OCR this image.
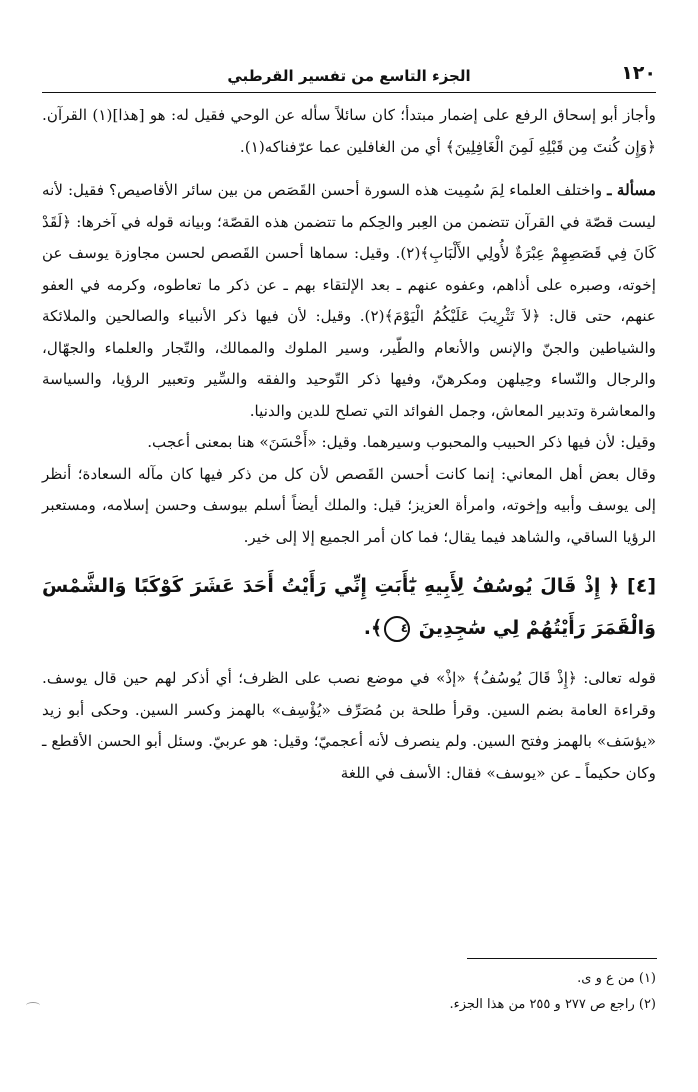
١٢٠
الجزء التاسع من تفسير القرطبي

وأجاز أبو إسحاق الرفع على إضمار مبتدأ؛ كان سائلاً سأله عن الوحي فقيل له: هو [هذا](١) القرآن. ﴿وَإِن كُنتَ مِن قَبْلِهِ لَمِنَ الْغَافِلِينَ﴾ أي من الغافلين عما عرّفناكه(١).

مسألة ـ واختلف العلماء لِمَ سُمِيت هذه السورة أحسن القَصَص من بين سائر الأقاصيص؟ فقيل: لأنه ليست قصّة في القرآن تتضمن من العِبر والحِكم ما تتضمن هذه القصّة؛ وبيانه قوله في آخرها: ﴿لَقَدْ كَانَ فِي قَصَصِهِمْ عِبْرَةٌ لأُولِي الأَلْبَابِ﴾(٢). وقيل: سماها أحسن القَصص لحسن مجاوزة يوسف عن إخوته، وصبره على أذاهم، وعفوه عنهم ـ بعد الإلتقاء بهم ـ عن ذكر ما تعاطوه، وكرمه في العفو عنهم، حتى قال: ﴿لاَ تَثْرِيبَ عَلَيْكُمُ الْيَوْمَ﴾(٢). وقيل: لأن فيها ذكر الأنبياء والصالحين والملائكة والشياطين والجنّ والإنس والأنعام والطّير، وسير الملوك والممالك، والتّجار والعلماء والجهّال، والرجال والنّساء وحِيلهن ومكرهنّ، وفيها ذكر التّوحيد والفقه والسِّير وتعبير الرؤيا، والسياسة والمعاشرة وتدبير المعاش، وجمل الفوائد التي تصلح للدين والدنيا.

وقيل: لأن فيها ذكر الحبيب والمحبوب وسيرهما. وقيل: «أَحْسَنَ» هنا بمعنى أعجب.

وقال بعض أهل المعاني: إنما كانت أحسن القَصص لأن كل من ذكر فيها كان مآله السعادة؛ أنظر إلى يوسف وأبيه وإخوته، وامرأة العزيز؛ قيل: والملك أيضاً أسلم بيوسف وحسن إسلامه، ومستعبر الرؤيا الساقي، والشاهد فيما يقال؛ فما كان أمر الجميع إلا إلى خير.

[٤] ﴿ إِذْ قَالَ يُوسُفُ لِأَبِيهِ يَٰٓأَبَتِ إِنِّي رَأَيْتُ أَحَدَ عَشَرَ كَوْكَبًا وَالشَّمْسَ وَالْقَمَرَ رَأَيْتُهُمْ لِي سَٰجِدِينَ ٤﴾.

قوله تعالى: ﴿إِذْ قَالَ يُوسُفُ﴾ «إذْ» في موضع نصب على الظرف؛ أي أذكر لهم حين قال يوسف. وقراءة العامة بضم السين. وقرأ طلحة بن مُصَرِّف «يُؤْسِف» بالهمز وكسر السين. وحكى أبو زيد «يؤسَف» بالهمز وفتح السين. ولم ينصرف لأنه أعجميّ؛ وقيل: هو عربيّ. وسئل أبو الحسن الأقطع ـ وكان حكيماً ـ عن «يوسف» فقال: الأسف في اللغة

(١) من ع و ى.

(٢) راجع ص ٢٧٧ و ٢٥٥ من هذا الجزء.
